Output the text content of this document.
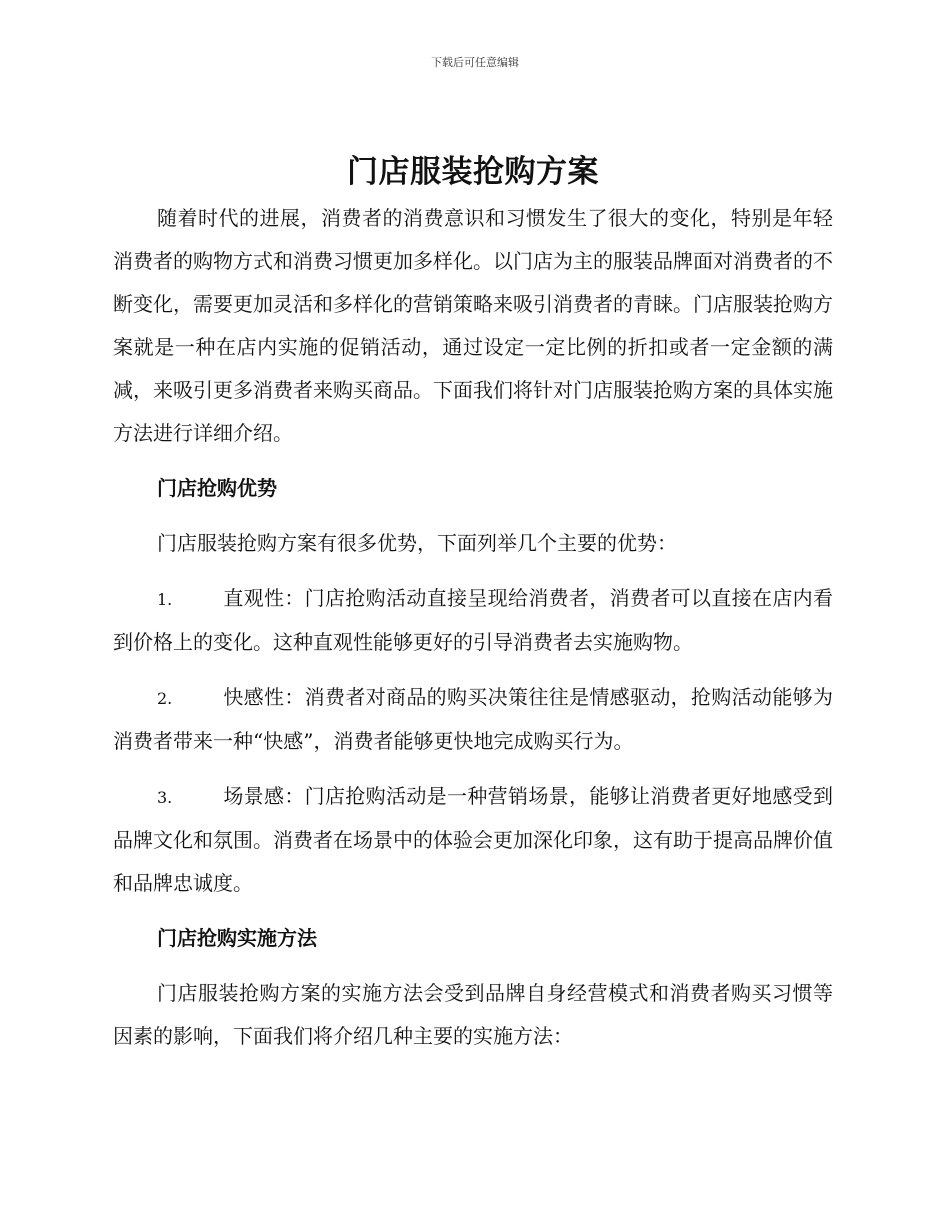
下载后可任意编辑
门店服装抢购方案

随着时代的进展，消费者的消费意识和习惯发生了很大的变化，特别是年轻消费者的购物方式和消费习惯更加多样化。以门店为主的服装品牌面对消费者的不断变化，需要更加灵活和多样化的营销策略来吸引消费者的青睐。门店服装抢购方案就是一种在店内实施的促销活动，通过设定一定比例的折扣或者一定金额的满减，来吸引更多消费者来购买商品。下面我们将针对门店服装抢购方案的具体实施方法进行详细介绍。

门店抢购优势

门店服装抢购方案有很多优势，下面列举几个主要的优势：

1.	直观性：门店抢购活动直接呈现给消费者，消费者可以直接在店内看到价格上的变化。这种直观性能够更好的引导消费者去实施购物。
2.	快感性：消费者对商品的购买决策往往是情感驱动，抢购活动能够为消费者带来一种“快感”，消费者能够更快地完成购买行为。
3.	场景感：门店抢购活动是一种营销场景，能够让消费者更好地感受到品牌文化和氛围。消费者在场景中的体验会更加深化印象，这有助于提高品牌价值和品牌忠诚度。
门店抢购实施方法

门店服装抢购方案的实施方法会受到品牌自身经营模式和消费者购买习惯等因素的影响，下面我们将介绍几种主要的实施方法：
